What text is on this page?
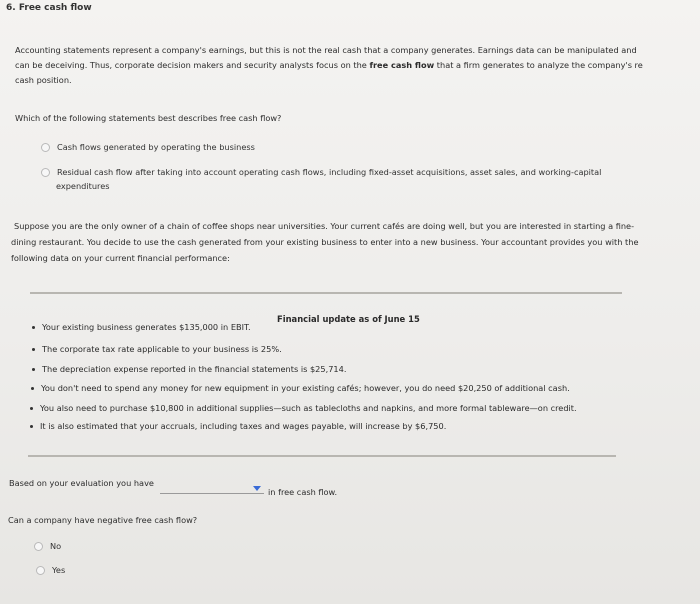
6. Free cash flow
Accounting statements represent a company's earnings, but this is not the real cash that a company generates. Earnings data can be manipulated and
can be deceiving. Thus, corporate decision makers and security analysts focus on the free cash flow that a firm generates to analyze the company's re
cash position.
Which of the following statements best describes free cash flow?
Cash flows generated by operating the business
Residual cash flow after taking into account operating cash flows, including fixed-asset acquisitions, asset sales, and working-capital
expenditures
Suppose you are the only owner of a chain of coffee shops near universities. Your current cafés are doing well, but you are interested in starting a fine-
dining restaurant. You decide to use the cash generated from your existing business to enter into a new business. Your accountant provides you with the
following data on your current financial performance:
Financial update as of June 15
Your existing business generates $135,000 in EBIT.
The corporate tax rate applicable to your business is 25%.
The depreciation expense reported in the financial statements is $25,714.
You don't need to spend any money for new equipment in your existing cafés; however, you do need $20,250 of additional cash.
You also need to purchase $10,800 in additional supplies—such as tablecloths and napkins, and more formal tableware—on credit.
It is also estimated that your accruals, including taxes and wages payable, will increase by $6,750.
Based on your evaluation you have
in free cash flow.
Can a company have negative free cash flow?
No
Yes
